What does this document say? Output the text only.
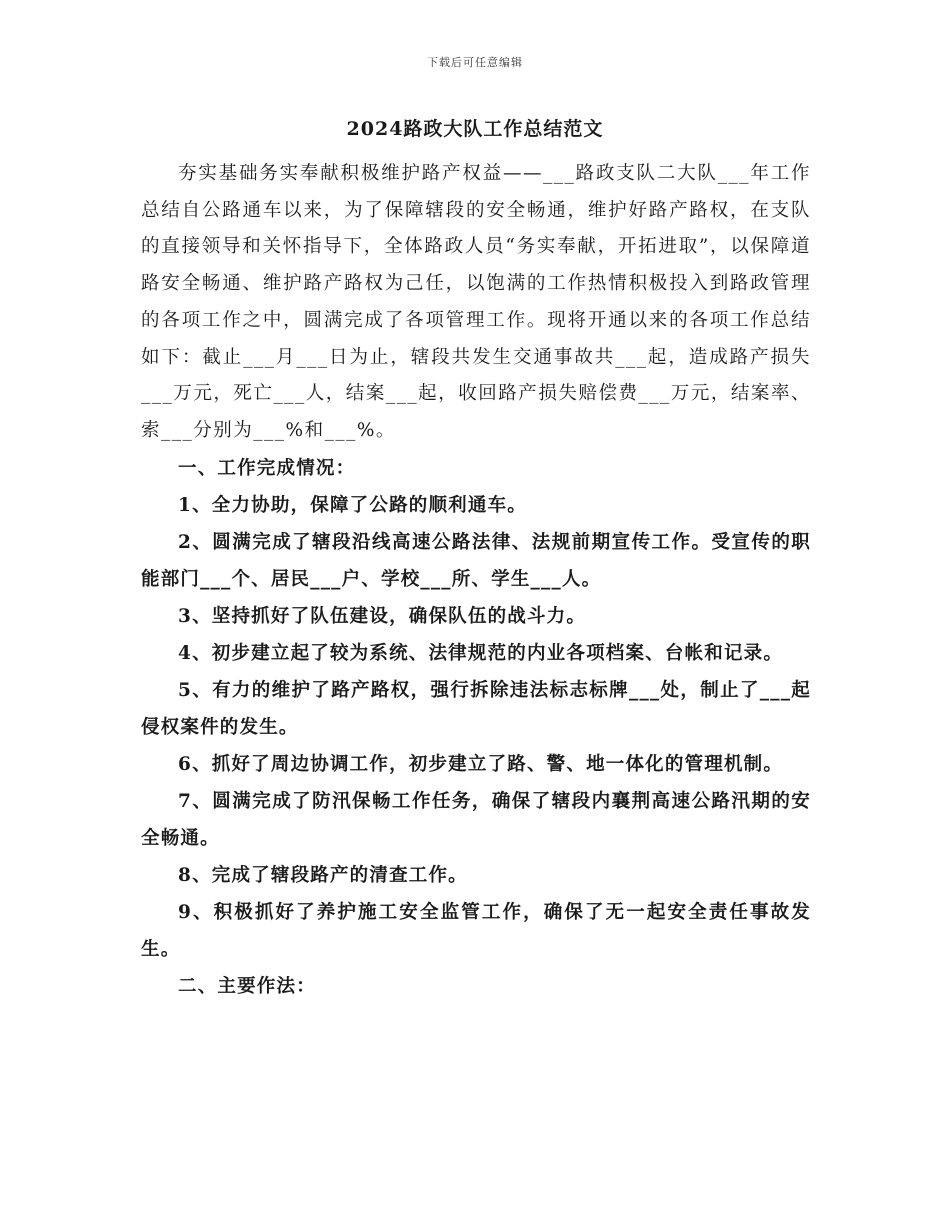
下载后可任意编辑
2024路政大队工作总结范文

夯实基础务实奉献积极维护路产权益——___路政支队二大队___年工作总结自公路通车以来，为了保障辖段的安全畅通，维护好路产路权，在支队的直接领导和关怀指导下，全体路政人员“务实奉献，开拓进取”，以保障道路安全畅通、维护路产路权为己任，以饱满的工作热情积极投入到路政管理的各项工作之中，圆满完成了各项管理工作。现将开通以来的各项工作总结如下：截止___月___日为止，辖段共发生交通事故共___起，造成路产损失___万元，死亡___人，结案___起，收回路产损失赔偿费___万元，结案率、索___分别为___%和___%。

一、工作完成情况：

1、全力协助，保障了公路的顺利通车。

2、圆满完成了辖段沿线高速公路法律、法规前期宣传工作。受宣传的职能部门___个、居民___户、学校___所、学生___人。

3、坚持抓好了队伍建设，确保队伍的战斗力。

4、初步建立起了较为系统、法律规范的内业各项档案、台帐和记录。

5、有力的维护了路产路权，强行拆除违法标志标牌___处，制止了___起侵权案件的发生。

6、抓好了周边协调工作，初步建立了路、警、地一体化的管理机制。

7、圆满完成了防汛保畅工作任务，确保了辖段内襄荆高速公路汛期的安全畅通。

8、完成了辖段路产的清查工作。

9、积极抓好了养护施工安全监管工作，确保了无一起安全责任事故发生。

二、主要作法：
